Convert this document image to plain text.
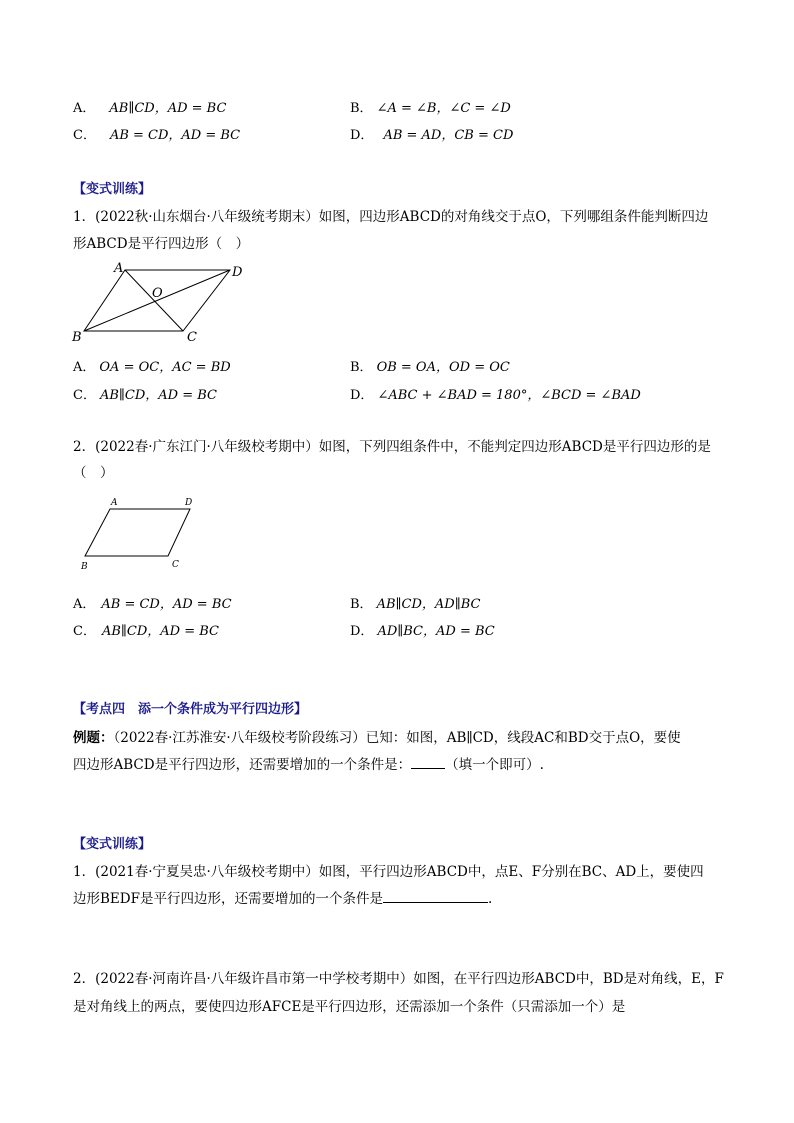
A． AB∥CD，AD = BC	B． ∠A = ∠B，∠C = ∠D
C． AB = CD，AD = BC	D． AB = AD，CB = CD
【变式训练】
1．(2022秋·山东烟台·八年级统考期末）如图，四边形ABCD的对角线交于点O，下列哪组条件能判断四边
形ABCD是平行四边形（　）
A	D
B	C
O
A． OA = OC，AC = BD	B． OB = OA，OD = OC
C． AB∥CD，AD = BC	D． ∠ABC + ∠BAD = 180°，∠BCD = ∠BAD
2．(2022春·广东江门·八年级校考期中）如图，下列四组条件中，不能判定四边形ABCD是平行四边形的是
（　）
A	D
B	C
A． AB = CD，AD = BC	B． AB∥CD，AD∥BC
C． AB∥CD，AD = BC	D． AD∥BC，AD = BC
【考点四　添一个条件成为平行四边形】
例题：（2022春·江苏淮安·八年级校考阶段练习）已知：如图，AB∥CD，线段AC和BD交于点O，要使
四边形ABCD是平行四边形，还需要增加的一个条件是：	（填一个即可）.
【变式训练】
1．(2021春·宁夏吴忠·八年级校考期中）如图，平行四边形ABCD中，点E、F分别在BC、AD上，要使四
边形BEDF是平行四边形，还需要增加的一个条件是	.
2．(2022春·河南许昌·八年级许昌市第一中学校考期中）如图，在平行四边形ABCD中，BD是对角线，E，F
是对角线上的两点，要使四边形AFCE是平行四边形，还需添加一个条件（只需添加一个）是
